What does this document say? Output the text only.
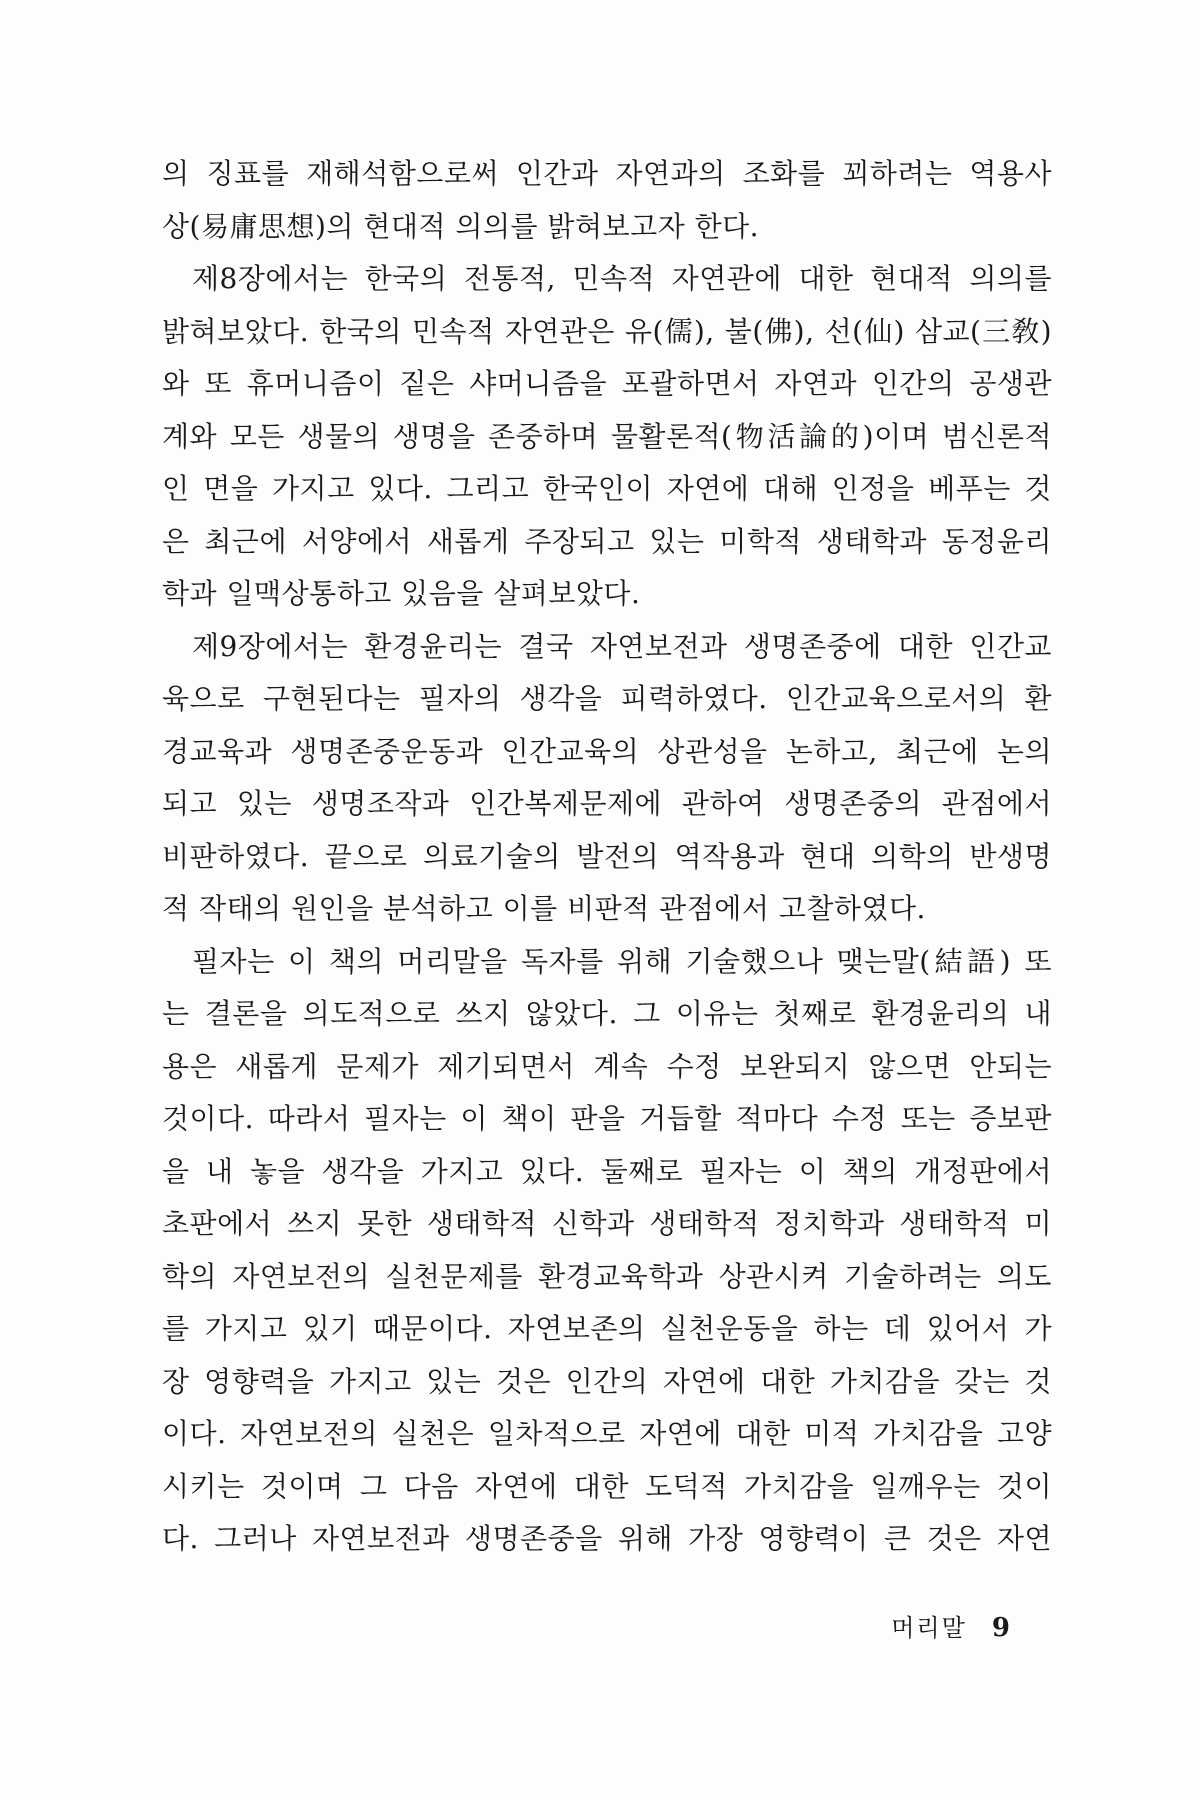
의 징표를 재해석함으로써 인간과 자연과의 조화를 꾀하려는 역용사
상(易庸思想)의 현대적 의의를 밝혀보고자 한다.
제8장에서는 한국의 전통적, 민속적 자연관에 대한 현대적 의의를
밝혀보았다. 한국의 민속적 자연관은 유(儒), 불(佛), 선(仙) 삼교(三敎)
와 또 휴머니즘이 짙은 샤머니즘을 포괄하면서 자연과 인간의 공생관
계와 모든 생물의 생명을 존중하며 물활론적(物活論的)이며 범신론적
인 면을 가지고 있다. 그리고 한국인이 자연에 대해 인정을 베푸는 것
은 최근에 서양에서 새롭게 주장되고 있는 미학적 생태학과 동정윤리
학과 일맥상통하고 있음을 살펴보았다.
제9장에서는 환경윤리는 결국 자연보전과 생명존중에 대한 인간교
육으로 구현된다는 필자의 생각을 피력하였다. 인간교육으로서의 환
경교육과 생명존중운동과 인간교육의 상관성을 논하고, 최근에 논의
되고 있는 생명조작과 인간복제문제에 관하여 생명존중의 관점에서
비판하였다. 끝으로 의료기술의 발전의 역작용과 현대 의학의 반생명
적 작태의 원인을 분석하고 이를 비판적 관점에서 고찰하였다.
필자는 이 책의 머리말을 독자를 위해 기술했으나 맺는말(結語) 또
는 결론을 의도적으로 쓰지 않았다. 그 이유는 첫째로 환경윤리의 내
용은 새롭게 문제가 제기되면서 계속 수정 보완되지 않으면 안되는
것이다. 따라서 필자는 이 책이 판을 거듭할 적마다 수정 또는 증보판
을 내 놓을 생각을 가지고 있다. 둘째로 필자는 이 책의 개정판에서
초판에서 쓰지 못한 생태학적 신학과 생태학적 정치학과 생태학적 미
학의 자연보전의 실천문제를 환경교육학과 상관시켜 기술하려는 의도
를 가지고 있기 때문이다. 자연보존의 실천운동을 하는 데 있어서 가
장 영향력을 가지고 있는 것은 인간의 자연에 대한 가치감을 갖는 것
이다. 자연보전의 실천은 일차적으로 자연에 대한 미적 가치감을 고양
시키는 것이며 그 다음 자연에 대한 도덕적 가치감을 일깨우는 것이
다. 그러나 자연보전과 생명존중을 위해 가장 영향력이 큰 것은 자연
머리말 9
